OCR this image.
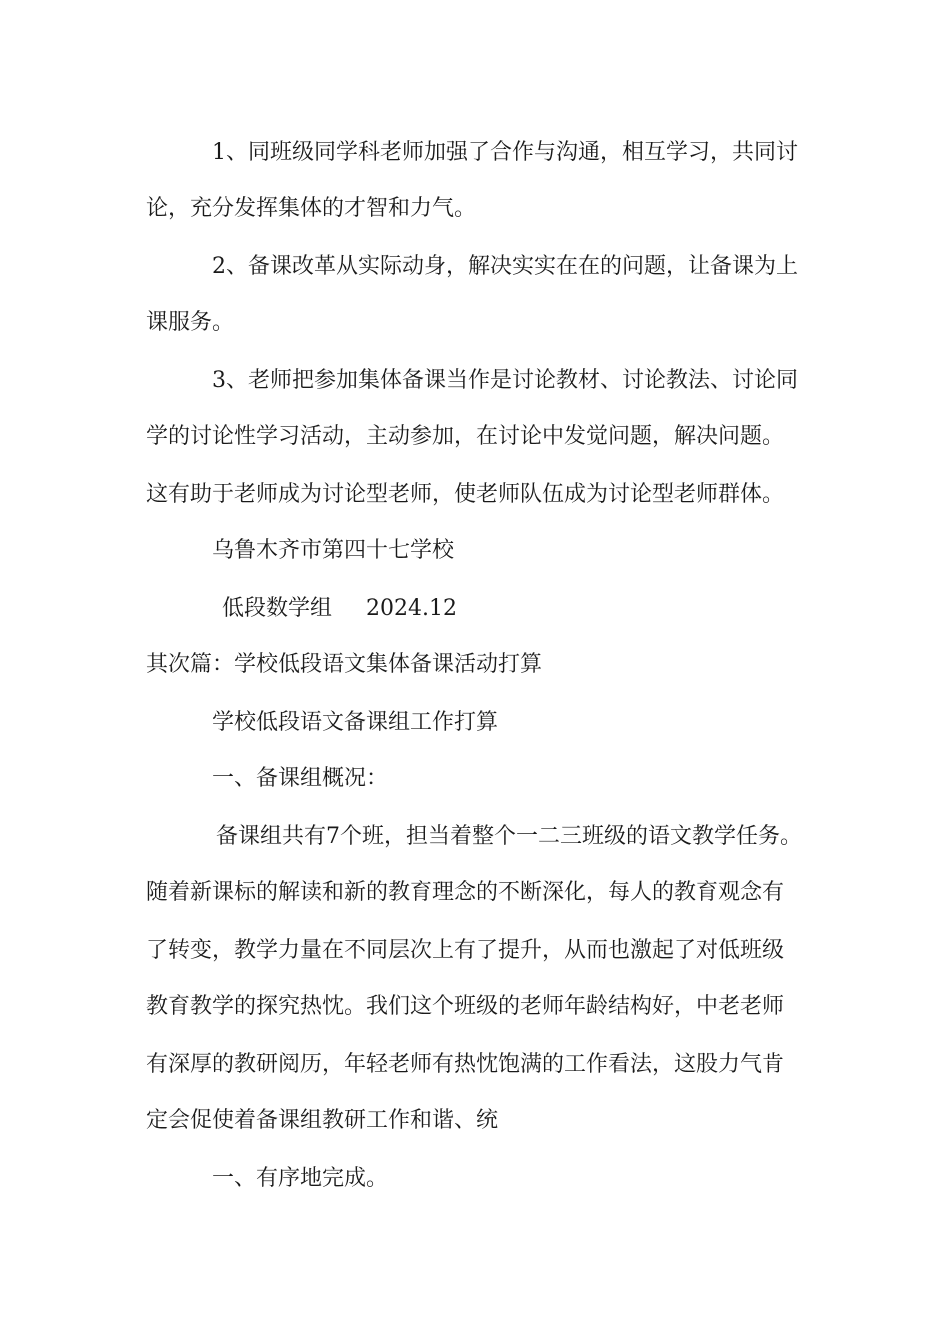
1、同班级同学科老师加强了合作与沟通，相互学习，共同讨
论，充分发挥集体的才智和力气。
2、备课改革从实际动身，解决实实在在的问题，让备课为上
课服务。
3、老师把参加集体备课当作是讨论教材、讨论教法、讨论同
学的讨论性学习活动，主动参加，在讨论中发觉问题，解决问题。
这有助于老师成为讨论型老师，使老师队伍成为讨论型老师群体。
乌鲁木齐市第四十七学校
低段数学组 2024.12
其次篇：学校低段语文集体备课活动打算
学校低段语文备课组工作打算
一、备课组概况：
备课组共有7个班，担当着整个一二三班级的语文教学任务。
随着新课标的解读和新的教育理念的不断深化，每人的教育观念有
了转变，教学力量在不同层次上有了提升，从而也激起了对低班级
教育教学的探究热忱。我们这个班级的老师年龄结构好，中老老师
有深厚的教研阅历，年轻老师有热忱饱满的工作看法，这股力气肯
定会促使着备课组教研工作和谐、统
一、有序地完成。
